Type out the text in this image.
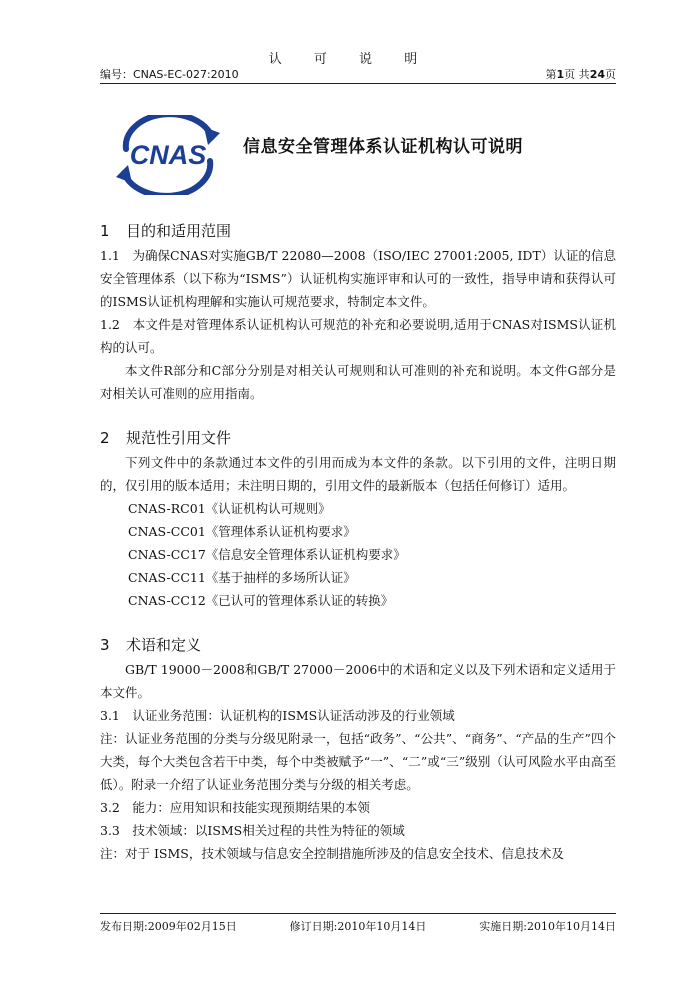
认 可 说 明
编号：CNAS-EC-027:2010	第1页 共24页
CNAS 信息安全管理体系认证机构认可说明
1 目的和适用范围

1.1　为确保CNAS对实施GB/T 22080—2008（ISO/IEC 27001:2005, IDT）认证的信息安全管理体系（以下称为“ISMS”）认证机构实施评审和认可的一致性，指导申请和获得认可的ISMS认证机构理解和实施认可规范要求，特制定本文件。

1.2　本文件是对管理体系认证机构认可规范的补充和必要说明,适用于CNAS对ISMS认证机构的认可。

本文件R部分和C部分分别是对相关认可规则和认可准则的补充和说明。本文件G部分是对相关认可准则的应用指南。

2 规范性引用文件

下列文件中的条款通过本文件的引用而成为本文件的条款。以下引用的文件，注明日期的，仅引用的版本适用；未注明日期的，引用文件的最新版本（包括任何修订）适用。

CNAS-RC01《认证机构认可规则》

CNAS-CC01《管理体系认证机构要求》

CNAS-CC17《信息安全管理体系认证机构要求》

CNAS-CC11《基于抽样的多场所认证》

CNAS-CC12《已认可的管理体系认证的转换》

3 术语和定义

GB/T 19000－2008和GB/T 27000－2006中的术语和定义以及下列术语和定义适用于本文件。

3.1　认证业务范围：认证机构的ISMS认证活动涉及的行业领域

注：认证业务范围的分类与分级见附录一，包括“政务”、“公共”、“商务”、“产品的生产”四个大类，每个大类包含若干中类，每个中类被赋予“一”、“二”或“三”级别（认可风险水平由高至低）。附录一介绍了认证业务范围分类与分级的相关考虑。

3.2　能力：应用知识和技能实现预期结果的本领

3.3　技术领域：以ISMS相关过程的共性为特征的领域

注：对于 ISMS，技术领域与信息安全控制措施所涉及的信息安全技术、信息技术及

发布日期:2009年02月15日	修订日期:2010年10月14日	实施日期:2010年10月14日
